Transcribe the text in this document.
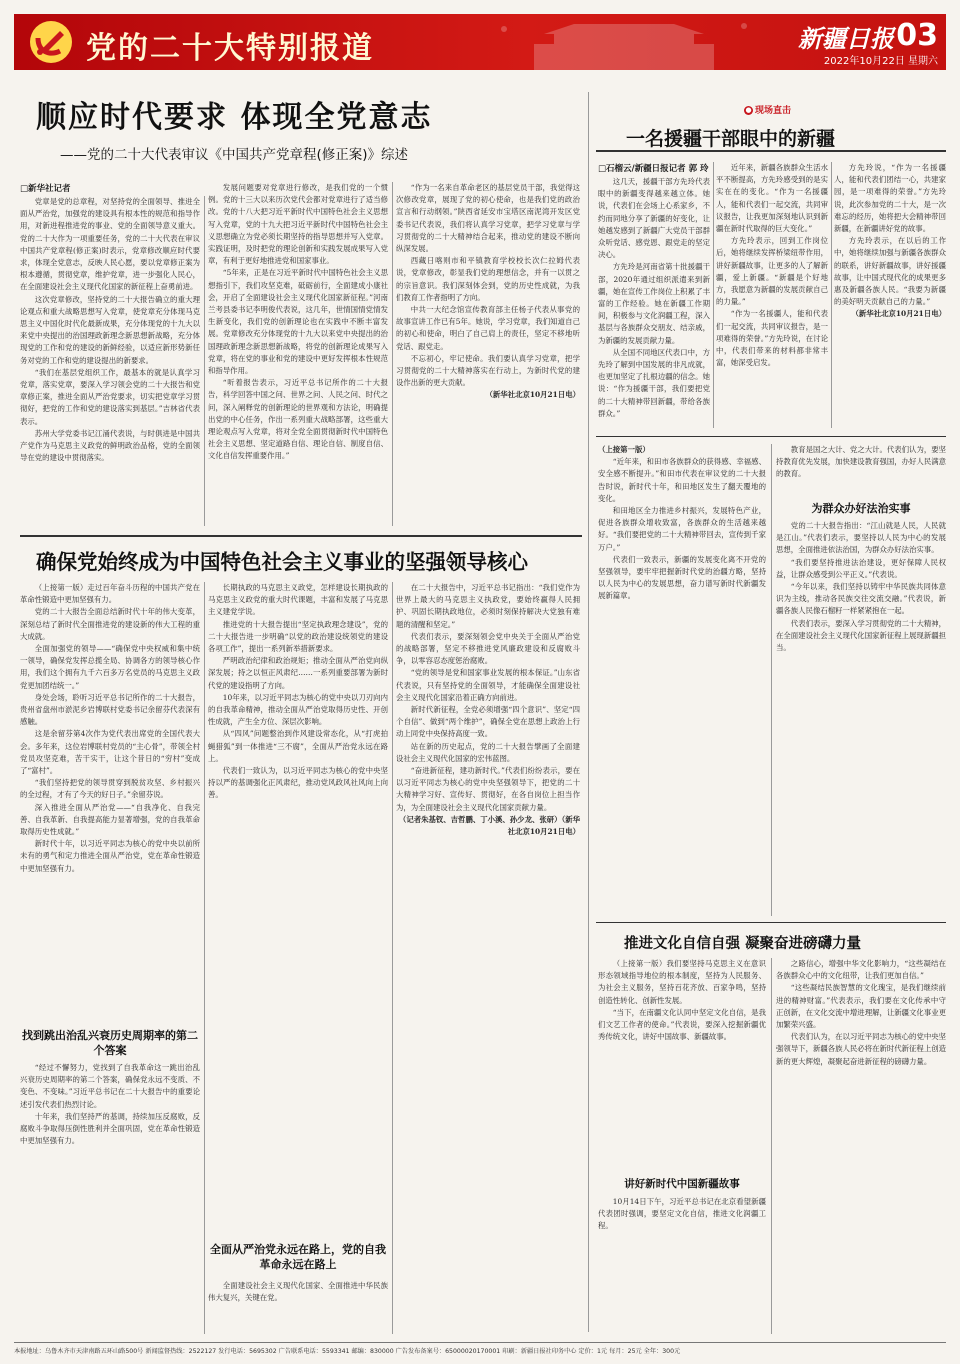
党的二十大特别报道	新疆日报 03
2022年10月22日 星期六
顺应时代要求 体现全党意志
——党的二十大代表审议《中国共产党章程(修正案)》综述
□新华社记者

党章是党的总章程，对坚持党的全面领导、推进全面从严治党，加强党的建设具有根本性的规范和指导作用，对新进程推进党的事业、党的全面领导意义重大。党的二十大作为一项重要任务，党的二十大代表在审议中国共产党章程(修正案)时表示，党章修改顺应时代要求，体现全党意志，反映人民心愿，要以党章修正案为根本遵循，贯彻党章，维护党章，进一步强化人民心，在全面建设社会主义现代化国家的新征程上奋勇前进。

这次党章修改，坚持党的二十大报告确立的重大理论观点和重大战略思想写入党章，使党章充分体现马克思主义中国化时代化最新成果，充分体现党的十九大以来党中央提出的治国理政新理念新思想新战略，充分体现党的工作和党的建设的新鲜经验，以适应新形势新任务对党的工作和党的建设提出的新要求。

“我们在基层党组织工作，最基本的就是认真学习党章，落实党章，要深入学习领会党的二十大报告和党章修正案，推进全面从严治党要求，切实把党章学习贯彻好，把党的工作和党的建设落实到基层。”吉林省代表表示。

苏州大学党委书记江涌代表说，与时俱进是中国共产党作为马克思主义政党的鲜明政治品格，党的全面领导在党的建设中贯彻落实。

发展问题要对党章进行修改，是我们党的一个惯例。党的十三大以来历次党代会都对党章进行了适当修改。党的十八大把习近平新时代中国特色社会主义思想写入党章，党的十九大把习近平新时代中国特色社会主义思想确立为党必须长期坚持的指导思想并写入党章。实践证明，及时把党的理论创新和实践发展成果写入党章，有利于更好地推进党和国家事业。

“5年来，正是在习近平新时代中国特色社会主义思想指引下，我们攻坚克难，砥砺前行，全面建成小康社会，开启了全面建设社会主义现代化国家新征程。”河南兰考县委书记李明俊代表说，这几年，世情国情党情发生新变化，我们党的创新理论也在实践中不断丰富发展。党章修改充分体现党的十九大以来党中央提出的治国理政新理念新思想新战略，将党的创新理论成果写入党章，将在党的事业和党的建设中更好发挥根本性规范和指导作用。

“听着报告表示，习近平总书记所作的二十大报告，科学回答中国之问、世界之问、人民之问、时代之问，深入阐释党的创新理论的世界观和方法论，明确提出党的中心任务，作出一系列重大战略部署，这些重大理论观点写入党章，将对全党全面贯彻新时代中国特色社会主义思想、坚定道路自信、理论自信、制度自信、文化自信发挥重要作用。”

“作为一名来自革命老区的基层党员干部，我觉得这次修改党章，展现了党的初心使命，也是我们党的政治宣言和行动纲领。”陕西省延安市宝塔区南泥湾开发区党委书记代表说，我们将认真学习党章，把学习党章与学习贯彻党的二十大精神结合起来，推动党的建设不断向纵深发展。

西藏日喀则市和平镇教育学校校长次仁拉姆代表说，党章修改，彰显我们党的理想信念，并有一以贯之的宗旨意识。我们深刻体会到，党的历史性成就，为我们教育工作者指明了方向。

中共一大纪念馆宣传教育部主任杨子代表从事党的故事宣讲工作已有5年。她说，学习党章，我们知道自己的初心和使命，明白了自己肩上的责任，坚定不移地听党话、跟党走。

不忘初心，牢记使命。我们要认真学习党章，把学习贯彻党的二十大精神落实在行动上，为新时代党的建设作出新的更大贡献。

（新华社北京10月21日电）

● 现场直击
一名援疆干部眼中的新疆
□石榴云/新疆日报记者 郭 玲

这几天，援疆干部方先玲代表眼中的新疆变得越来越立体。她说，代表们在会场上心系家乡，不约而同地分享了新疆的好变化，让她越发感到了新疆广大党员干部群众听党话、感党恩、跟党走的坚定决心。

方先玲是河南省第十批援疆干部，2020年通过组织派遣来到新疆，她在宣传工作岗位上积累了丰富的工作经验。她在新疆工作期间，积极参与文化润疆工程，深入基层与各族群众交朋友、结亲戚，为新疆的发展贡献力量。

从全国不同地区代表口中，方先玲了解到中国发展的非凡成就，也更加坚定了扎根边疆的信念。她说：“作为援疆干部，我们要把党的二十大精神带回新疆，带给各族群众。”

近年来，新疆各族群众生活水平不断提高，方先玲感受到的是实实在在的变化。“作为一名援疆人，能和代表们一起交流，共同审议报告，让我更加深刻地认识到新疆在新时代取得的巨大变化。”

方先玲表示，回到工作岗位后，她将继续发挥桥梁纽带作用，讲好新疆故事，让更多的人了解新疆，爱上新疆。“新疆是个好地方，我愿意为新疆的发展贡献自己的力量。”

“作为一名援疆人，能和代表们一起交流，共同审议报告，是一项难得的荣誉。”方先玲说，在讨论中，代表们带来的材料都非常丰富，她深受启发。

方先玲说，“作为一名援疆人，能和代表们团结一心，共建家园，是一项难得的荣誉。”方先玲说，此次参加党的二十大，是一次难忘的经历，她将把大会精神带回新疆，在新疆讲好党的故事。

方先玲表示，在以后的工作中，她将继续加强与新疆各族群众的联系，讲好新疆故事，讲好援疆故事，让中国式现代化的成果更多惠及新疆各族人民。“我要为新疆的美好明天贡献自己的力量。”

（新华社北京10月21日电）

确保党始终成为中国特色社会主义事业的坚强领导核心

（上接第一版）走过百年奋斗历程的中国共产党在革命性锻造中更加坚强有力。

党的二十大报告全面总结新时代十年的伟大变革，深刻总结了新时代全面推进党的建设新的伟大工程的重大成就。

全面加强党的领导——“确保党中央权威和集中统一领导，确保党发挥总揽全局、协调各方的领导核心作用，我们这个拥有九千六百多万名党员的马克思主义政党更加团结统一。”

身处会场，聆听习近平总书记所作的二十大报告，贵州省盘州市淤泥乡岩博联村党委书记余留芬代表深有感触。

这是余留芬第4次作为党代表出席党的全国代表大会。多年来，这位岩博联村党员的“主心骨”，带领全村党员攻坚克难，苦干实干，让这个昔日的“穷村”变成了“富村”。

“我们坚持把党的领导贯穿到脱贫攻坚、乡村振兴的全过程，才有了今天的好日子。”余留芬说。

深入推进全面从严治党——“自我净化、自我完善、自我革新、自我提高能力显著增强，党的自我革命取得历史性成就。”

新时代十年，以习近平同志为核心的党中央以前所未有的勇气和定力推进全面从严治党，党在革命性锻造中更加坚强有力。

找到跳出治乱兴衰历史周期率的第二个答案

“经过不懈努力，党找到了自我革命这一跳出治乱兴衰历史周期率的第二个答案，确保党永远不变质、不变色、不变味。”习近平总书记在二十大报告中的重要论述引发代表们热烈讨论。

十年来，我们坚持严的基调，持续加压反腐败，反腐败斗争取得压倒性胜利并全面巩固，党在革命性锻造中更加坚强有力。

长期执政的马克思主义政党，怎样建设长期执政的马克思主义政党的重大时代课题，丰富和发展了马克思主义建党学说。

推进党的十大报告提出“坚定执政理念建设”，党的二十大报告进一步明确“以党的政治建设统领党的建设各项工作”，提出一系列新举措新要求。

严明政治纪律和政治规矩；推动全面从严治党向纵深发展；持之以恒正风肃纪……一系列重要部署为新时代党的建设指明了方向。

10年来，以习近平同志为核心的党中央以刀刃向内的自我革命精神，推动全面从严治党取得历史性、开创性成就，产生全方位、深层次影响。

从“四风”问题整治到作风建设常态化，从“打虎拍蝇猎狐”到一体推进“三不腐”，全面从严治党永远在路上。

代表们一致认为，以习近平同志为核心的党中央坚持以严的基调强化正风肃纪，推动党风政风社风向上向善。

全面从严治党永远在路上，党的自我革命永远在路上

全面建设社会主义现代化国家、全面推进中华民族伟大复兴，关键在党。

在二十大报告中，习近平总书记指出：“我们党作为世界上最大的马克思主义执政党，要始终赢得人民拥护、巩固长期执政地位，必须时刻保持解决大党独有难题的清醒和坚定。”

代表们表示，要深刻领会党中央关于全面从严治党的战略部署，坚定不移推进党风廉政建设和反腐败斗争，以零容忍态度惩治腐败。

“党的领导是党和国家事业发展的根本保证。”山东省代表说，只有坚持党的全面领导，才能确保全面建设社会主义现代化国家沿着正确方向前进。

新时代新征程，全党必须增强“四个意识”、坚定“四个自信”、做到“两个维护”，确保全党在思想上政治上行动上同党中央保持高度一致。

站在新的历史起点，党的二十大报告擘画了全面建设社会主义现代化国家的宏伟蓝图。

“奋进新征程，建功新时代。”代表们纷纷表示，要在以习近平同志为核心的党中央坚强领导下，把党的二十大精神学习好、宣传好、贯彻好，在各自岗位上担当作为，为全面建设社会主义现代化国家贡献力量。

（记者朱基钗、吉哲鹏、丁小溪、孙少龙、张研）（新华社北京10月21日电）

（上接第一版）

“近年来，和田市各族群众的获得感、幸福感、安全感不断提升。”和田市代表在审议党的二十大报告时说，新时代十年，和田地区发生了翻天覆地的变化。

和田地区全力推进乡村振兴，发展特色产业，促进各族群众增收致富，各族群众的生活越来越好。“我们要把党的二十大精神带回去，宣传到千家万户。”

代表们一致表示，新疆的发展变化离不开党的坚强领导，要牢牢把握新时代党的治疆方略，坚持以人民为中心的发展思想，奋力谱写新时代新疆发展新篇章。

教育是国之大计、党之大计。代表们认为，要坚持教育优先发展，加快建设教育强国，办好人民满意的教育。

为群众办好法治实事

党的二十大报告指出：“江山就是人民，人民就是江山。”代表们表示，要坚持以人民为中心的发展思想，全面推进依法治国，为群众办好法治实事。

“我们要坚持推进法治建设，更好保障人民权益，让群众感受到公平正义。”代表说。

“今年以来，我们坚持以铸牢中华民族共同体意识为主线，推动各民族交往交流交融。”代表说，新疆各族人民像石榴籽一样紧紧抱在一起。

代表们表示，要深入学习贯彻党的二十大精神，在全面建设社会主义现代化国家新征程上展现新疆担当。

推进文化自信自强 凝聚奋进磅礴力量

（上接第一版）我们要坚持马克思主义在意识形态领域指导地位的根本制度，坚持为人民服务、为社会主义服务，坚持百花齐放、百家争鸣，坚持创造性转化、创新性发展。

“当下，在南疆文化认同中坚定文化自信，是我们文艺工作者的使命。”代表说，要深入挖掘新疆优秀传统文化，讲好中国故事、新疆故事。

讲好新时代中国新疆故事

10月14日下午，习近平总书记在北京看望新疆代表团时强调，要坚定文化自信，推进文化润疆工程。

之路信心，增强中华文化影响力，“这些凝结在各族群众心中的文化纽带，让我们更加自信。”

“这些凝结民族智慧的文化瑰宝，是我们继续前进的精神财富。”代表表示，我们要在文化传承中守正创新，在文化交流中增进理解，让新疆文化事业更加繁荣兴盛。

代表们认为，在以习近平同志为核心的党中央坚强领导下，新疆各族人民必将在新时代新征程上创造新的更大辉煌，凝聚起奋进新征程的磅礴力量。

本报地址：乌鲁木齐市天津南路五环山路500号 新闻监督热线：2522127 发行电话：5695302 广告联系电话：5593341 邮编：830000 广告发布备案号：65000020170001 印刷：新疆日报社印务中心 定价：1元 每月：25元 全年：300元
